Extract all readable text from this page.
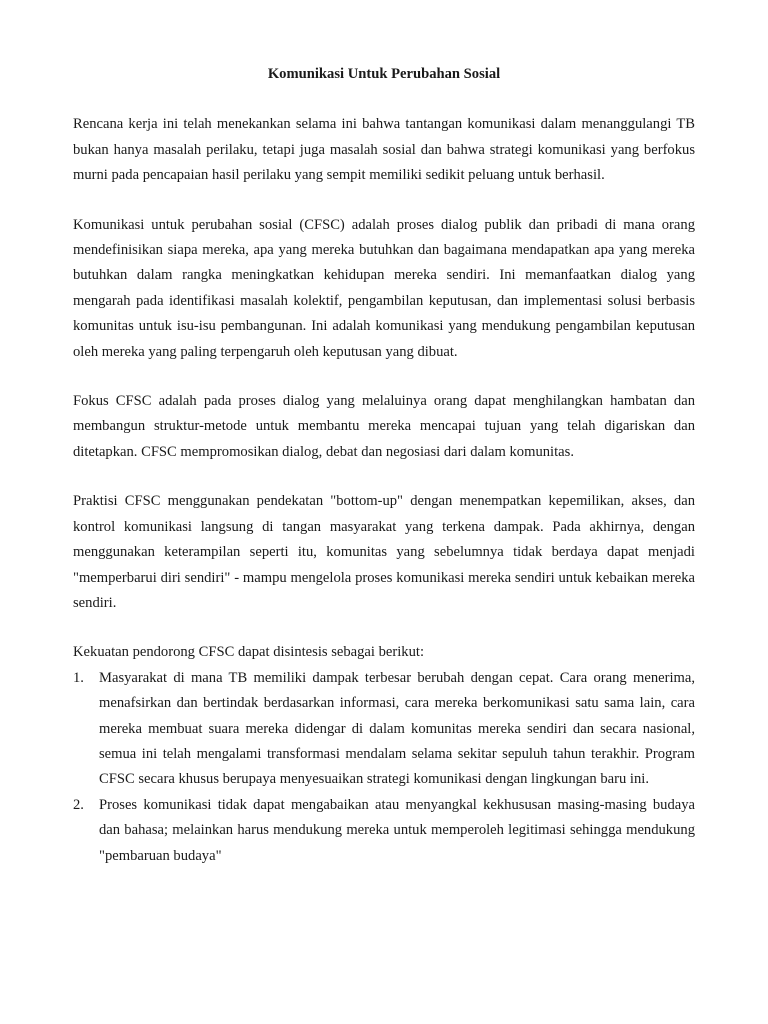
Komunikasi Untuk Perubahan Sosial

Rencana kerja ini telah menekankan selama ini bahwa tantangan komunikasi dalam menanggulangi TB bukan hanya masalah perilaku, tetapi juga masalah sosial dan bahwa strategi komunikasi yang berfokus murni pada pencapaian hasil perilaku yang sempit memiliki sedikit peluang untuk berhasil.

Komunikasi untuk perubahan sosial (CFSC) adalah proses dialog publik dan pribadi di mana orang mendefinisikan siapa mereka, apa yang mereka butuhkan dan bagaimana mendapatkan apa yang mereka butuhkan dalam rangka meningkatkan kehidupan mereka sendiri. Ini memanfaatkan dialog yang mengarah pada identifikasi masalah kolektif, pengambilan keputusan, dan implementasi solusi berbasis komunitas untuk isu-isu pembangunan. Ini adalah komunikasi yang mendukung pengambilan keputusan oleh mereka yang paling terpengaruh oleh keputusan yang dibuat.

Fokus CFSC adalah pada proses dialog yang melaluinya orang dapat menghilangkan hambatan dan membangun struktur-metode untuk membantu mereka mencapai tujuan yang telah digariskan dan ditetapkan. CFSC mempromosikan dialog, debat dan negosiasi dari dalam komunitas.

Praktisi CFSC menggunakan pendekatan "bottom-up" dengan menempatkan kepemilikan, akses, dan kontrol komunikasi langsung di tangan masyarakat yang terkena dampak. Pada akhirnya, dengan menggunakan keterampilan seperti itu, komunitas yang sebelumnya tidak berdaya dapat menjadi "memperbarui diri sendiri" - mampu mengelola proses komunikasi mereka sendiri untuk kebaikan mereka sendiri.

Kekuatan pendorong CFSC dapat disintesis sebagai berikut:

1. Masyarakat di mana TB memiliki dampak terbesar berubah dengan cepat. Cara orang menerima, menafsirkan dan bertindak berdasarkan informasi, cara mereka berkomunikasi satu sama lain, cara mereka membuat suara mereka didengar di dalam komunitas mereka sendiri dan secara nasional, semua ini telah mengalami transformasi mendalam selama sekitar sepuluh tahun terakhir. Program CFSC secara khusus berupaya menyesuaikan strategi komunikasi dengan lingkungan baru ini.
2. Proses komunikasi tidak dapat mengabaikan atau menyangkal kekhususan masing-masing budaya dan bahasa; melainkan harus mendukung mereka untuk memperoleh legitimasi sehingga mendukung "pembaruan budaya"
